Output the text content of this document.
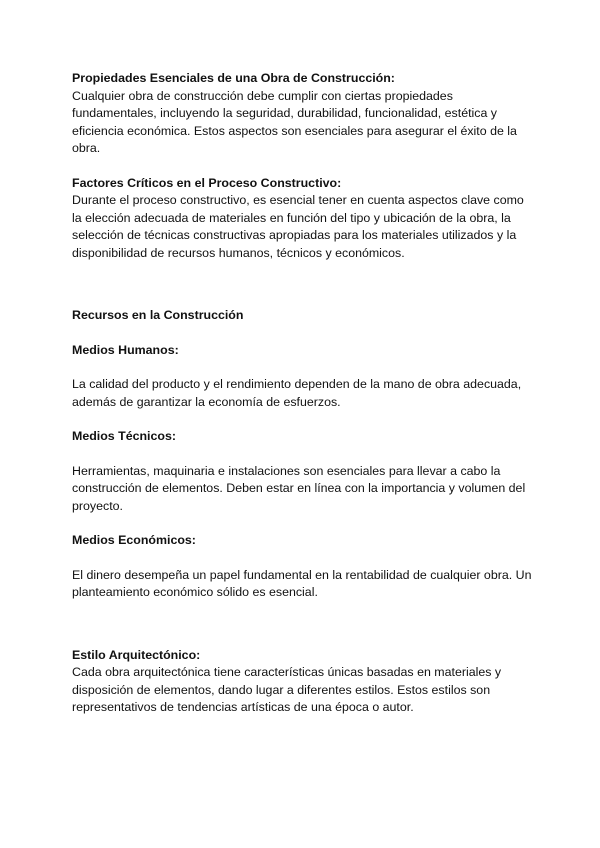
Propiedades Esenciales de una Obra de Construcción:

Cualquier obra de construcción debe cumplir con ciertas propiedades fundamentales, incluyendo la seguridad, durabilidad, funcionalidad, estética y eficiencia económica. Estos aspectos son esenciales para asegurar el éxito de la obra.

Factores Críticos en el Proceso Constructivo:

Durante el proceso constructivo, es esencial tener en cuenta aspectos clave como la elección adecuada de materiales en función del tipo y ubicación de la obra, la selección de técnicas constructivas apropiadas para los materiales utilizados y la disponibilidad de recursos humanos, técnicos y económicos.

Recursos en la Construcción

Medios Humanos:

La calidad del producto y el rendimiento dependen de la mano de obra adecuada, además de garantizar la economía de esfuerzos.

Medios Técnicos:

Herramientas, maquinaria e instalaciones son esenciales para llevar a cabo la construcción de elementos. Deben estar en línea con la importancia y volumen del proyecto.

Medios Económicos:

El dinero desempeña un papel fundamental en la rentabilidad de cualquier obra. Un planteamiento económico sólido es esencial.

Estilo Arquitectónico:

Cada obra arquitectónica tiene características únicas basadas en materiales y disposición de elementos, dando lugar a diferentes estilos. Estos estilos son representativos de tendencias artísticas de una época o autor.
